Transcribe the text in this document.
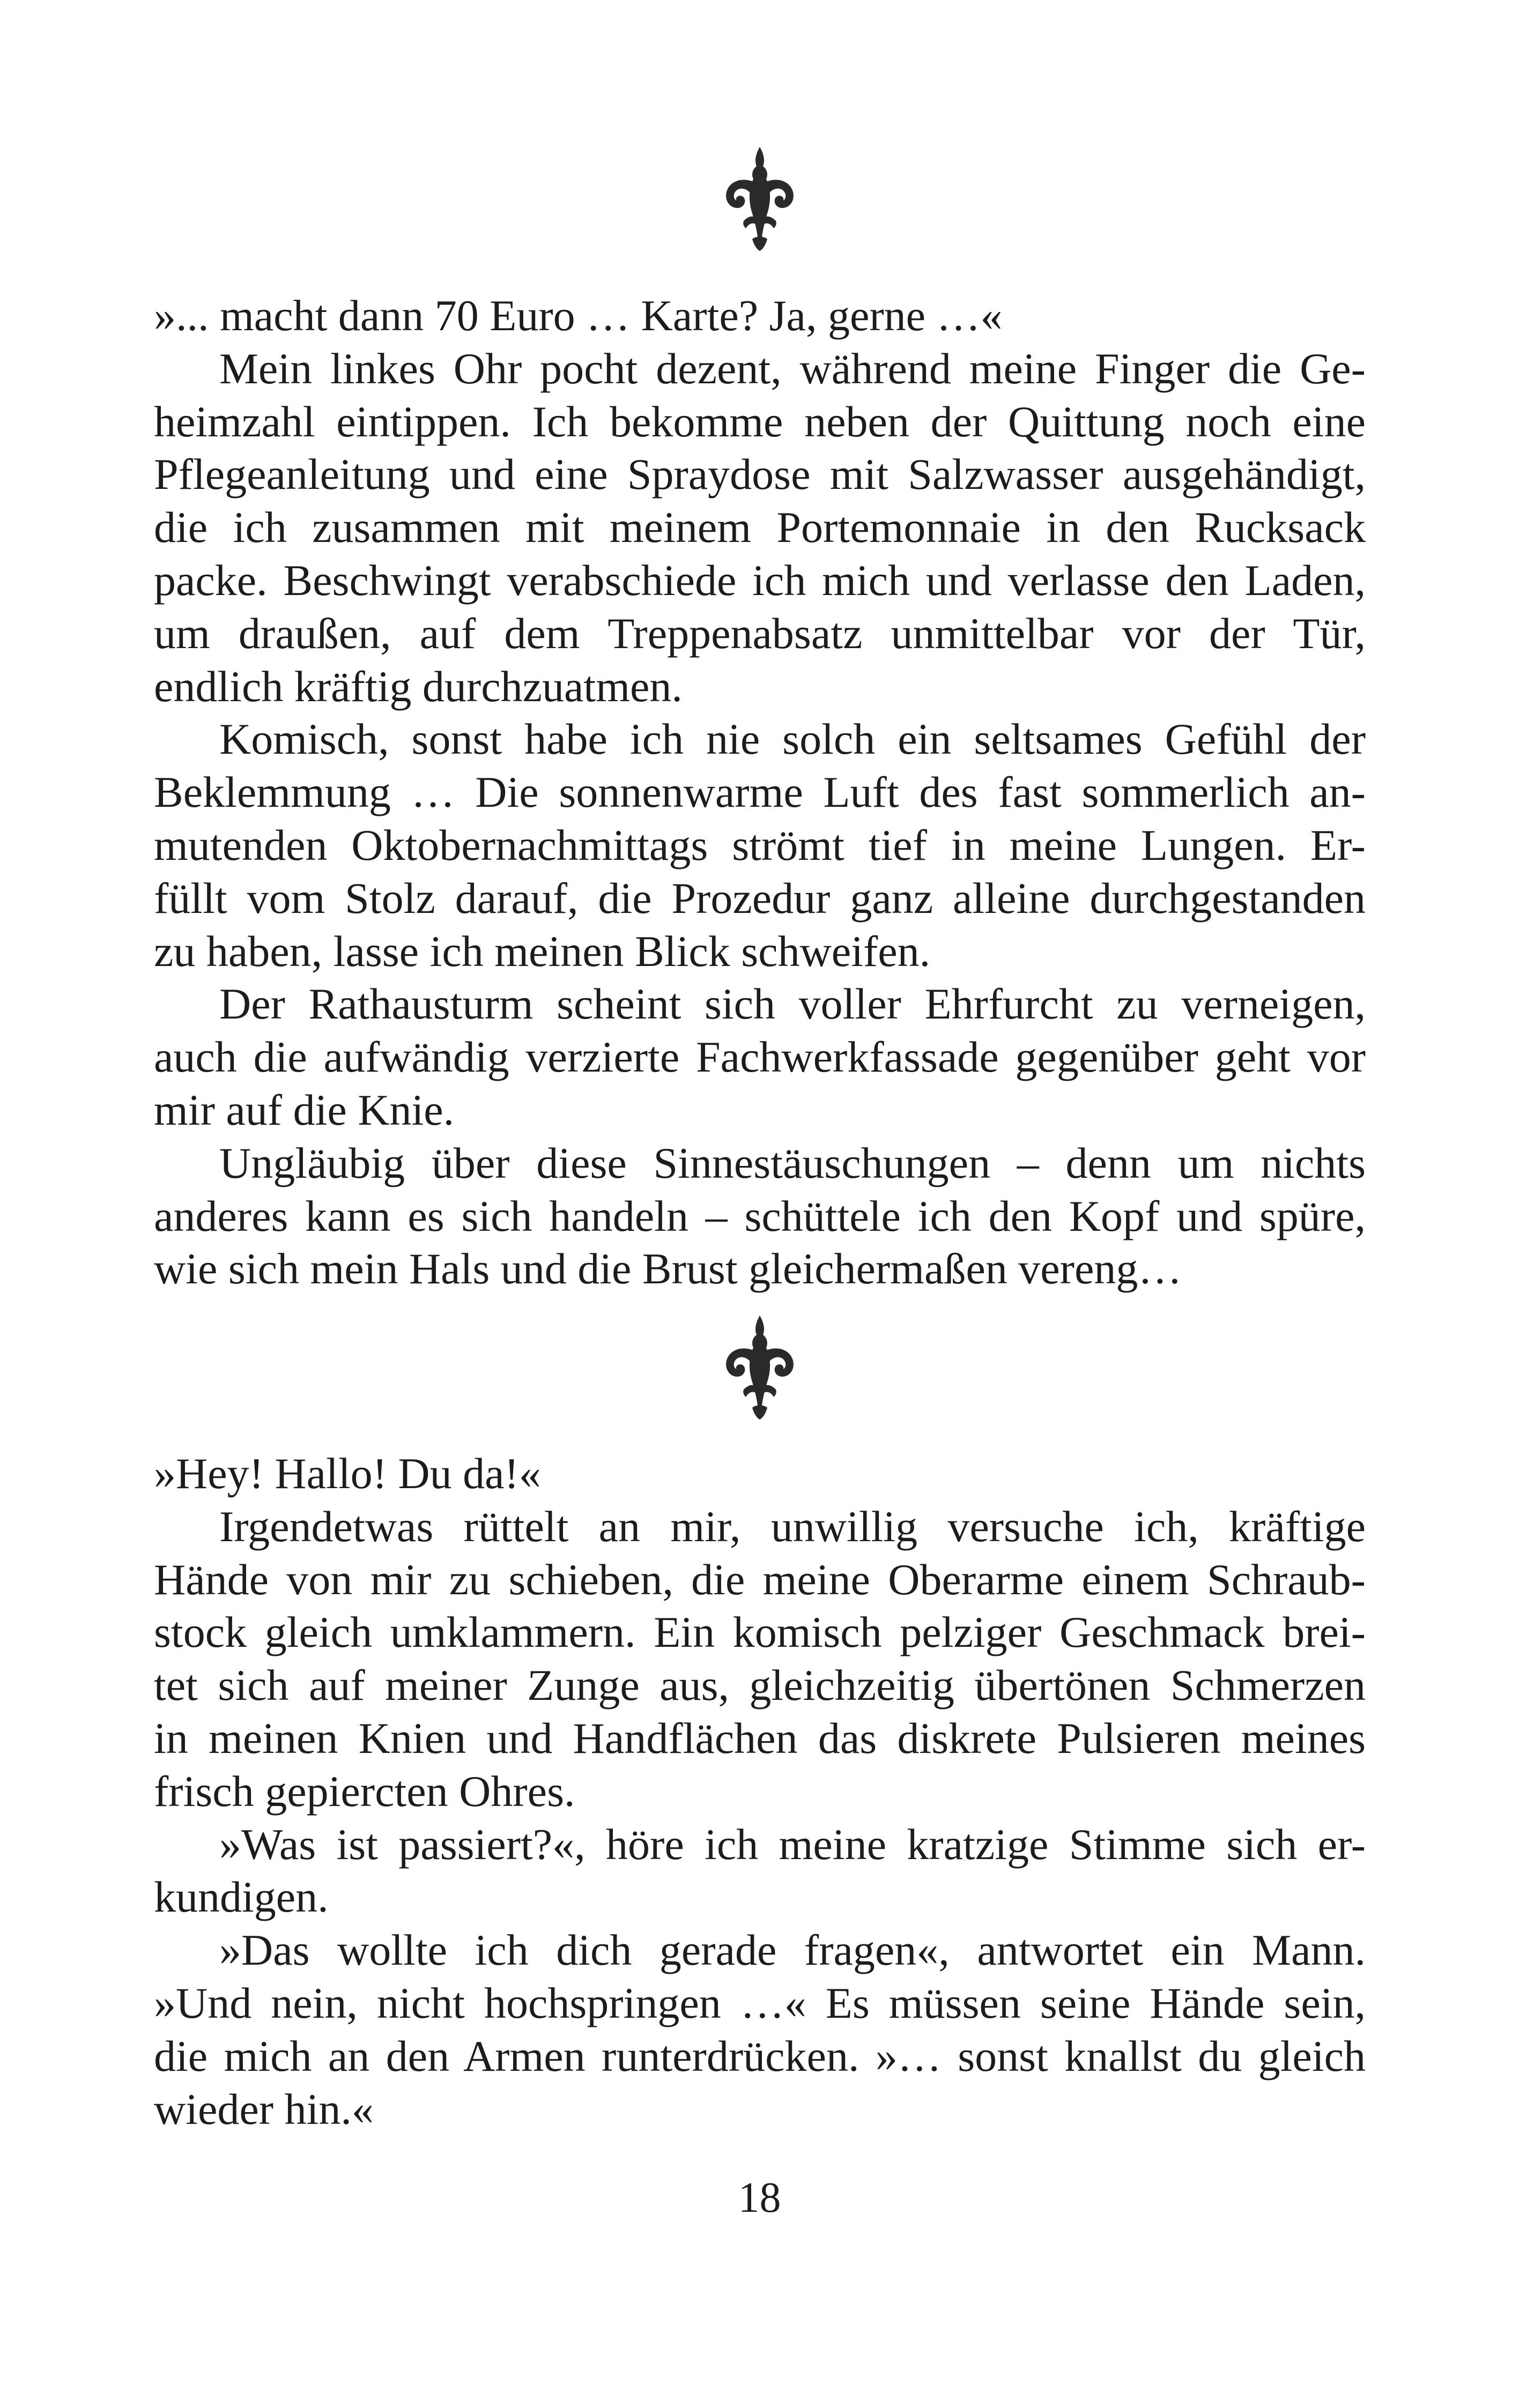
»... macht dann 70 Euro … Karte? Ja, gerne …«
Mein linkes Ohr pocht dezent, während meine Finger die Ge-
heimzahl eintippen. Ich bekomme neben der Quittung noch eine
Pflegeanleitung und eine Spraydose mit Salzwasser ausgehändigt,
die ich zusammen mit meinem Portemonnaie in den Rucksack
packe. Beschwingt verabschiede ich mich und verlasse den Laden,
um draußen, auf dem Treppenabsatz unmittelbar vor der Tür,
endlich kräftig durchzuatmen.
Komisch, sonst habe ich nie solch ein seltsames Gefühl der
Beklemmung … Die sonnenwarme Luft des fast sommerlich an-
mutenden Oktobernachmittags strömt tief in meine Lungen. Er-
füllt vom Stolz darauf, die Prozedur ganz alleine durchgestanden
zu haben, lasse ich meinen Blick schweifen.
Der Rathausturm scheint sich voller Ehrfurcht zu verneigen,
auch die aufwändig verzierte Fachwerkfassade gegenüber geht vor
mir auf die Knie.
Ungläubig über diese Sinnestäuschungen – denn um nichts
anderes kann es sich handeln – schüttele ich den Kopf und spüre,
wie sich mein Hals und die Brust gleichermaßen vereng…
»Hey! Hallo! Du da!«
Irgendetwas rüttelt an mir, unwillig versuche ich, kräftige
Hände von mir zu schieben, die meine Oberarme einem Schraub-
stock gleich umklammern. Ein komisch pelziger Geschmack brei-
tet sich auf meiner Zunge aus, gleichzeitig übertönen Schmerzen
in meinen Knien und Handflächen das diskrete Pulsieren meines
frisch gepiercten Ohres.
»Was ist passiert?«, höre ich meine kratzige Stimme sich er-
kundigen.
»Das wollte ich dich gerade fragen«, antwortet ein Mann.
»Und nein, nicht hochspringen …« Es müssen seine Hände sein,
die mich an den Armen runterdrücken. »… sonst knallst du gleich
wieder hin.«
18
